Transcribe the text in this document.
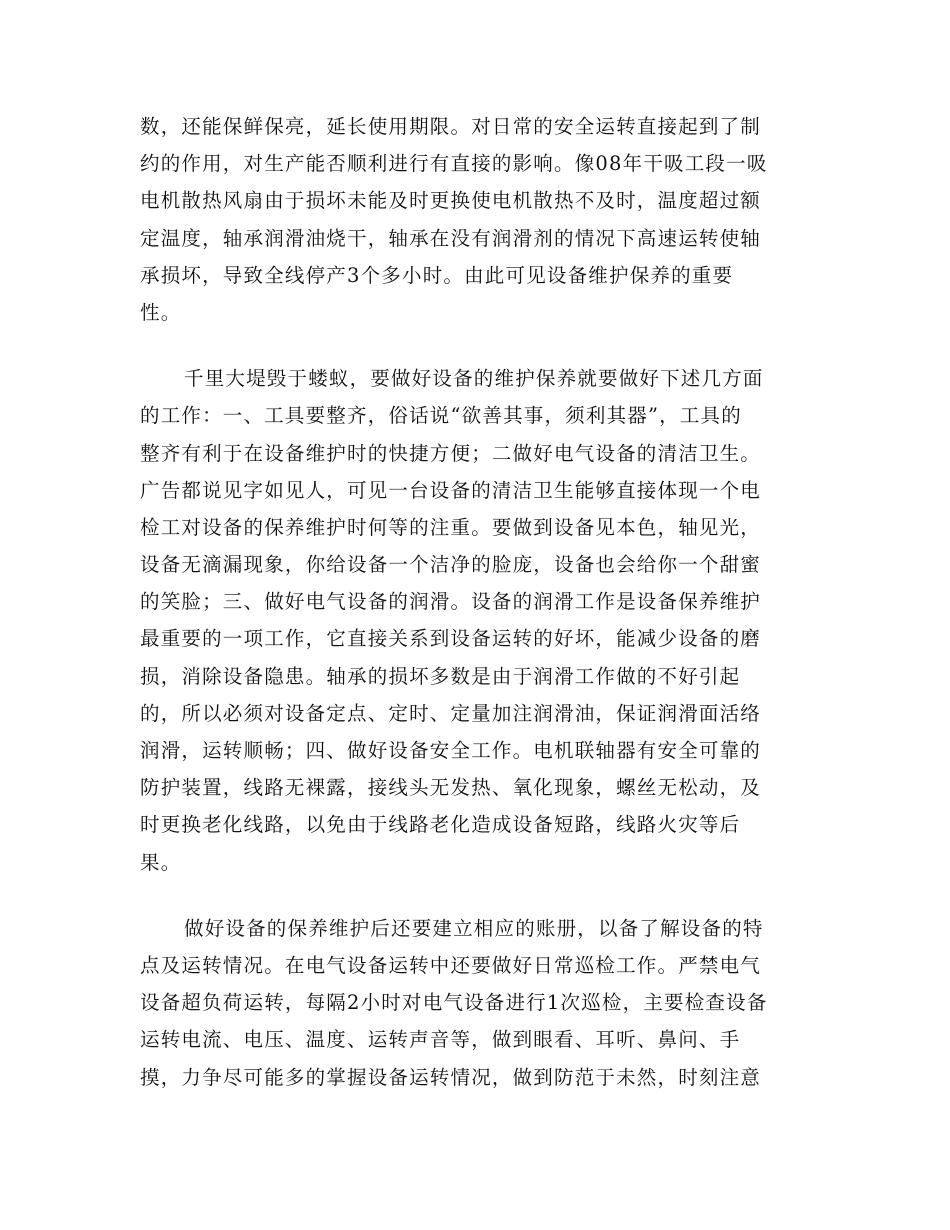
数，还能保鲜保亮，延长使用期限。对日常的安全运转直接起到了制
约的作用，对生产能否顺利进行有直接的影响。像08年干吸工段一吸
电机散热风扇由于损坏未能及时更换使电机散热不及时，温度超过额
定温度，轴承润滑油烧干，轴承在没有润滑剂的情况下高速运转使轴
承损坏，导致全线停产3个多小时。由此可见设备维护保养的重要
性。
千里大堤毁于蝼蚁，要做好设备的维护保养就要做好下述几方面
的工作：一、工具要整齐，俗话说“欲善其事，须利其器”，工具的
整齐有利于在设备维护时的快捷方便；二做好电气设备的清洁卫生。
广告都说见字如见人，可见一台设备的清洁卫生能够直接体现一个电
检工对设备的保养维护时何等的注重。要做到设备见本色，轴见光，
设备无滴漏现象，你给设备一个洁净的脸庞，设备也会给你一个甜蜜
的笑脸；三、做好电气设备的润滑。设备的润滑工作是设备保养维护
最重要的一项工作，它直接关系到设备运转的好坏，能减少设备的磨
损，消除设备隐患。轴承的损坏多数是由于润滑工作做的不好引起
的，所以必须对设备定点、定时、定量加注润滑油，保证润滑面活络
润滑，运转顺畅；四、做好设备安全工作。电机联轴器有安全可靠的
防护装置，线路无裸露，接线头无发热、氧化现象，螺丝无松动，及
时更换老化线路，以免由于线路老化造成设备短路，线路火灾等后
果。
做好设备的保养维护后还要建立相应的账册，以备了解设备的特
点及运转情况。在电气设备运转中还要做好日常巡检工作。严禁电气
设备超负荷运转，每隔2小时对电气设备进行1次巡检，主要检查设备
运转电流、电压、温度、运转声音等，做到眼看、耳听、鼻问、手
摸，力争尽可能多的掌握设备运转情况，做到防范于未然，时刻注意
